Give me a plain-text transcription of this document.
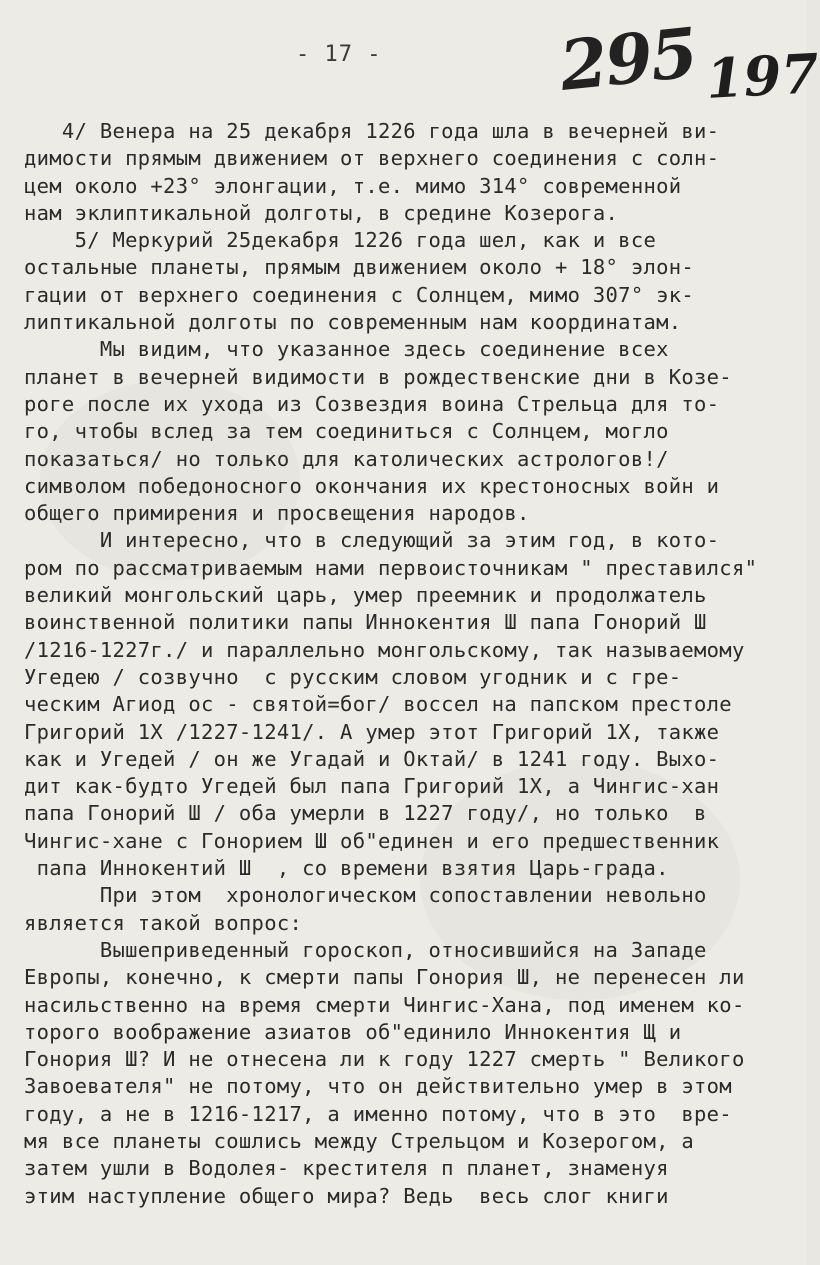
- 17 -	295 197
4/ Венера на 25 декабря 1226 года шла в вечерней ви-
димости прямым движением от верхнего соединения с солн-
цем около +23° элонгации, т.е. мимо 314° современной
нам эклиптикальной долготы, в средине Козерога.
5/ Меркурий 25декабря 1226 года шел, как и все
остальные планеты, прямым движением около + 18° элон-
гации от верхнего соединения с Солнцем, мимо 307° эк-
липтикальной долготы по современным нам координатам.
Мы видим, что указанное здесь соединение всех
планет в вечерней видимости в рождественские дни в Козе-
роге после их ухода из Созвездия воина Стрельца для то-
го, чтобы вслед за тем соединиться с Солнцем, могло
показаться/ но только для католических астрологов!/
символом победоносного окончания их крестоносных войн и
общего примирения и просвещения народов.
И интересно, что в следующий за этим год, в кото-
ром по рассматриваемым нами первоисточникам " преставился"
великий монгольский царь, умер преемник и продолжатель
воинственной политики папы Иннокентия Ш папа Гонорий Ш
/1216-1227г./ и параллельно монгольскому, так называемому
Угедею / созвучно  с русским словом угодник и с гре-
ческим Агиод ос - святой=бог/ воссел на папском престоле
Григорий 1Х /1227-1241/. А умер этот Григорий 1Х, также
как и Угедей / он же Угадай и Октай/ в 1241 году. Выхо-
дит как-будто Угедей был папа Григорий 1Х, а Чингис-хан
папа Гонорий Ш / оба умерли в 1227 году/, но только  в
Чингис-хане с Гонорием Ш об"единен и его предшественник
папа Иннокентий Ш  , со времени взятия Царь-града.
При этом  хронологическом сопоставлении невольно
является такой вопрос:
Вышеприведенный гороскоп, относившийся на Западе
Европы, конечно, к смерти папы Гонория Ш, не перенесен ли
насильственно на время смерти Чингис-Хана, под именем ко-
торого воображение азиатов об"единило Иннокентия Щ и
Гонория Ш? И не отнесена ли к году 1227 смерть " Великого
Завоевателя" не потому, что он действительно умер в этом
году, а не в 1216-1217, а именно потому, что в это  вре-
мя все планеты сошлись между Стрельцом и Козерогом, а
затем ушли в Водолея- крестителя п планет, знаменуя
этим наступление общего мира? Ведь  весь слог книги
